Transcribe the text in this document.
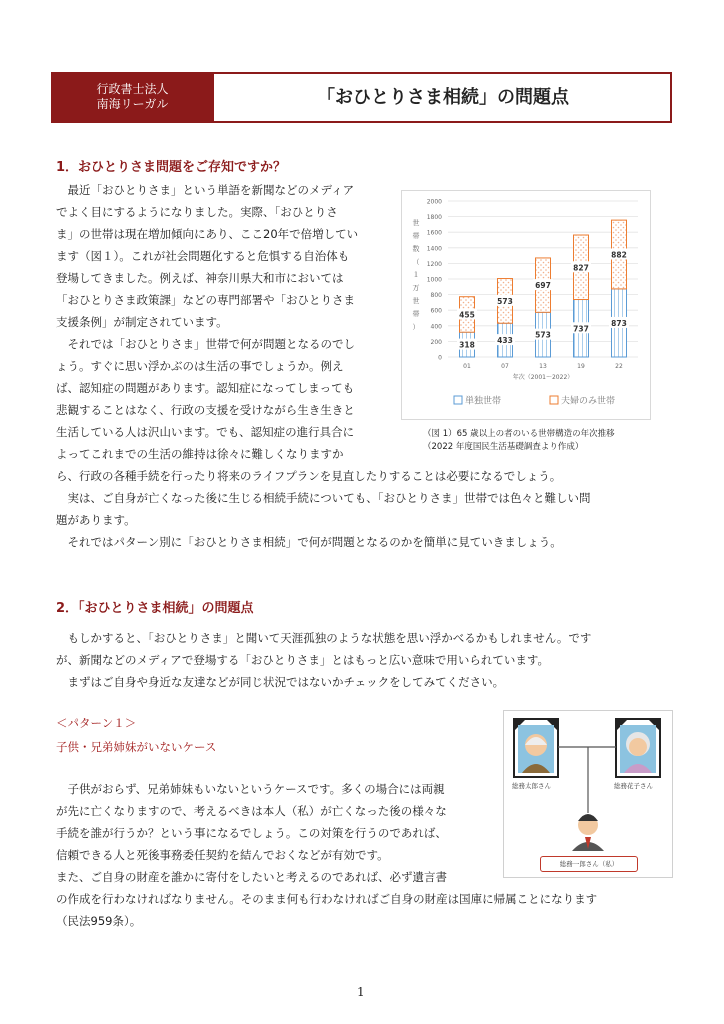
行政書士法人
南海リーガル	「おひとりさま相続」の問題点
1．おひとりさま問題をご存知ですか？

　最近「おひとりさま」という単語を新聞などのメディア

でよく目にするようになりました。実際、「おひとりさ

ま」の世帯は現在増加傾向にあり、ここ20年で倍増してい

ます（図１）。これが社会問題化すると危惧する自治体も

登場してきました。例えば、神奈川県大和市においては

「おひとりさま政策課」などの専門部署や「おひとりさま

支援条例」が制定されています。

　それでは「おひとりさま」世帯で何が問題となるのでし

ょう。すぐに思い浮かぶのは生活の事でしょうか。例え

ば、認知症の問題があります。認知症になってしまっても

悲観することはなく、行政の支援を受けながら生き生きと

生活している人は沢山います。でも、認知症の進行具合に

よってこれまでの生活の維持は徐々に難しくなりますか

ら、行政の各種手続を行ったり将来のライフプランを見直したりすることは必要になるでしょう。

　実は、ご自身が亡くなった後に生じる相続手続についても、「おひとりさま」世帯では色々と難しい問

題があります。

　それではパターン別に「おひとりさま相続」で何が問題となるのかを簡単に見ていきましょう。

0
200
400
600
800
1000
1200
1400
1600
1800
2000
世
帯
数
（
１
万
世
帯
）
318
455
01
433
573
07
573
697
13
737
827
19
873
882
22
年次（2001～2022）
単独世帯	夫婦のみ世帯
（図 1）65 歳以上の者のいる世帯構造の年次推移
（2022 年度国民生活基礎調査より作成）
2．「おひとりさま相続」の問題点

　もしかすると、「おひとりさま」と聞いて天涯孤独のような状態を思い浮かべるかもしれません。です

が、新聞などのメディアで登場する「おひとりさま」とはもっと広い意味で用いられています。

　まずはご自身や身近な友達などが同じ状況ではないかチェックをしてみてください。

＜パターン１＞
子供・兄弟姉妹がいないケース

　子供がおらず、兄弟姉妹もいないというケースです。多くの場合には両親

が先に亡くなりますので、考えるべきは本人（私）が亡くなった後の様々な

手続を誰が行うか？という事になるでしょう。この対策を行うのであれば、

信頼できる人と死後事務委任契約を結んでおくなどが有効です。

また、ご自身の財産を誰かに寄付をしたいと考えるのであれば、必ず遺言書

の作成を行わなければなりません。そのまま何も行わなければご自身の財産は国庫に帰属ことになります

（民法959条）。

総務太郎さん	総務花子さん
総務一郎さん（私）
1
